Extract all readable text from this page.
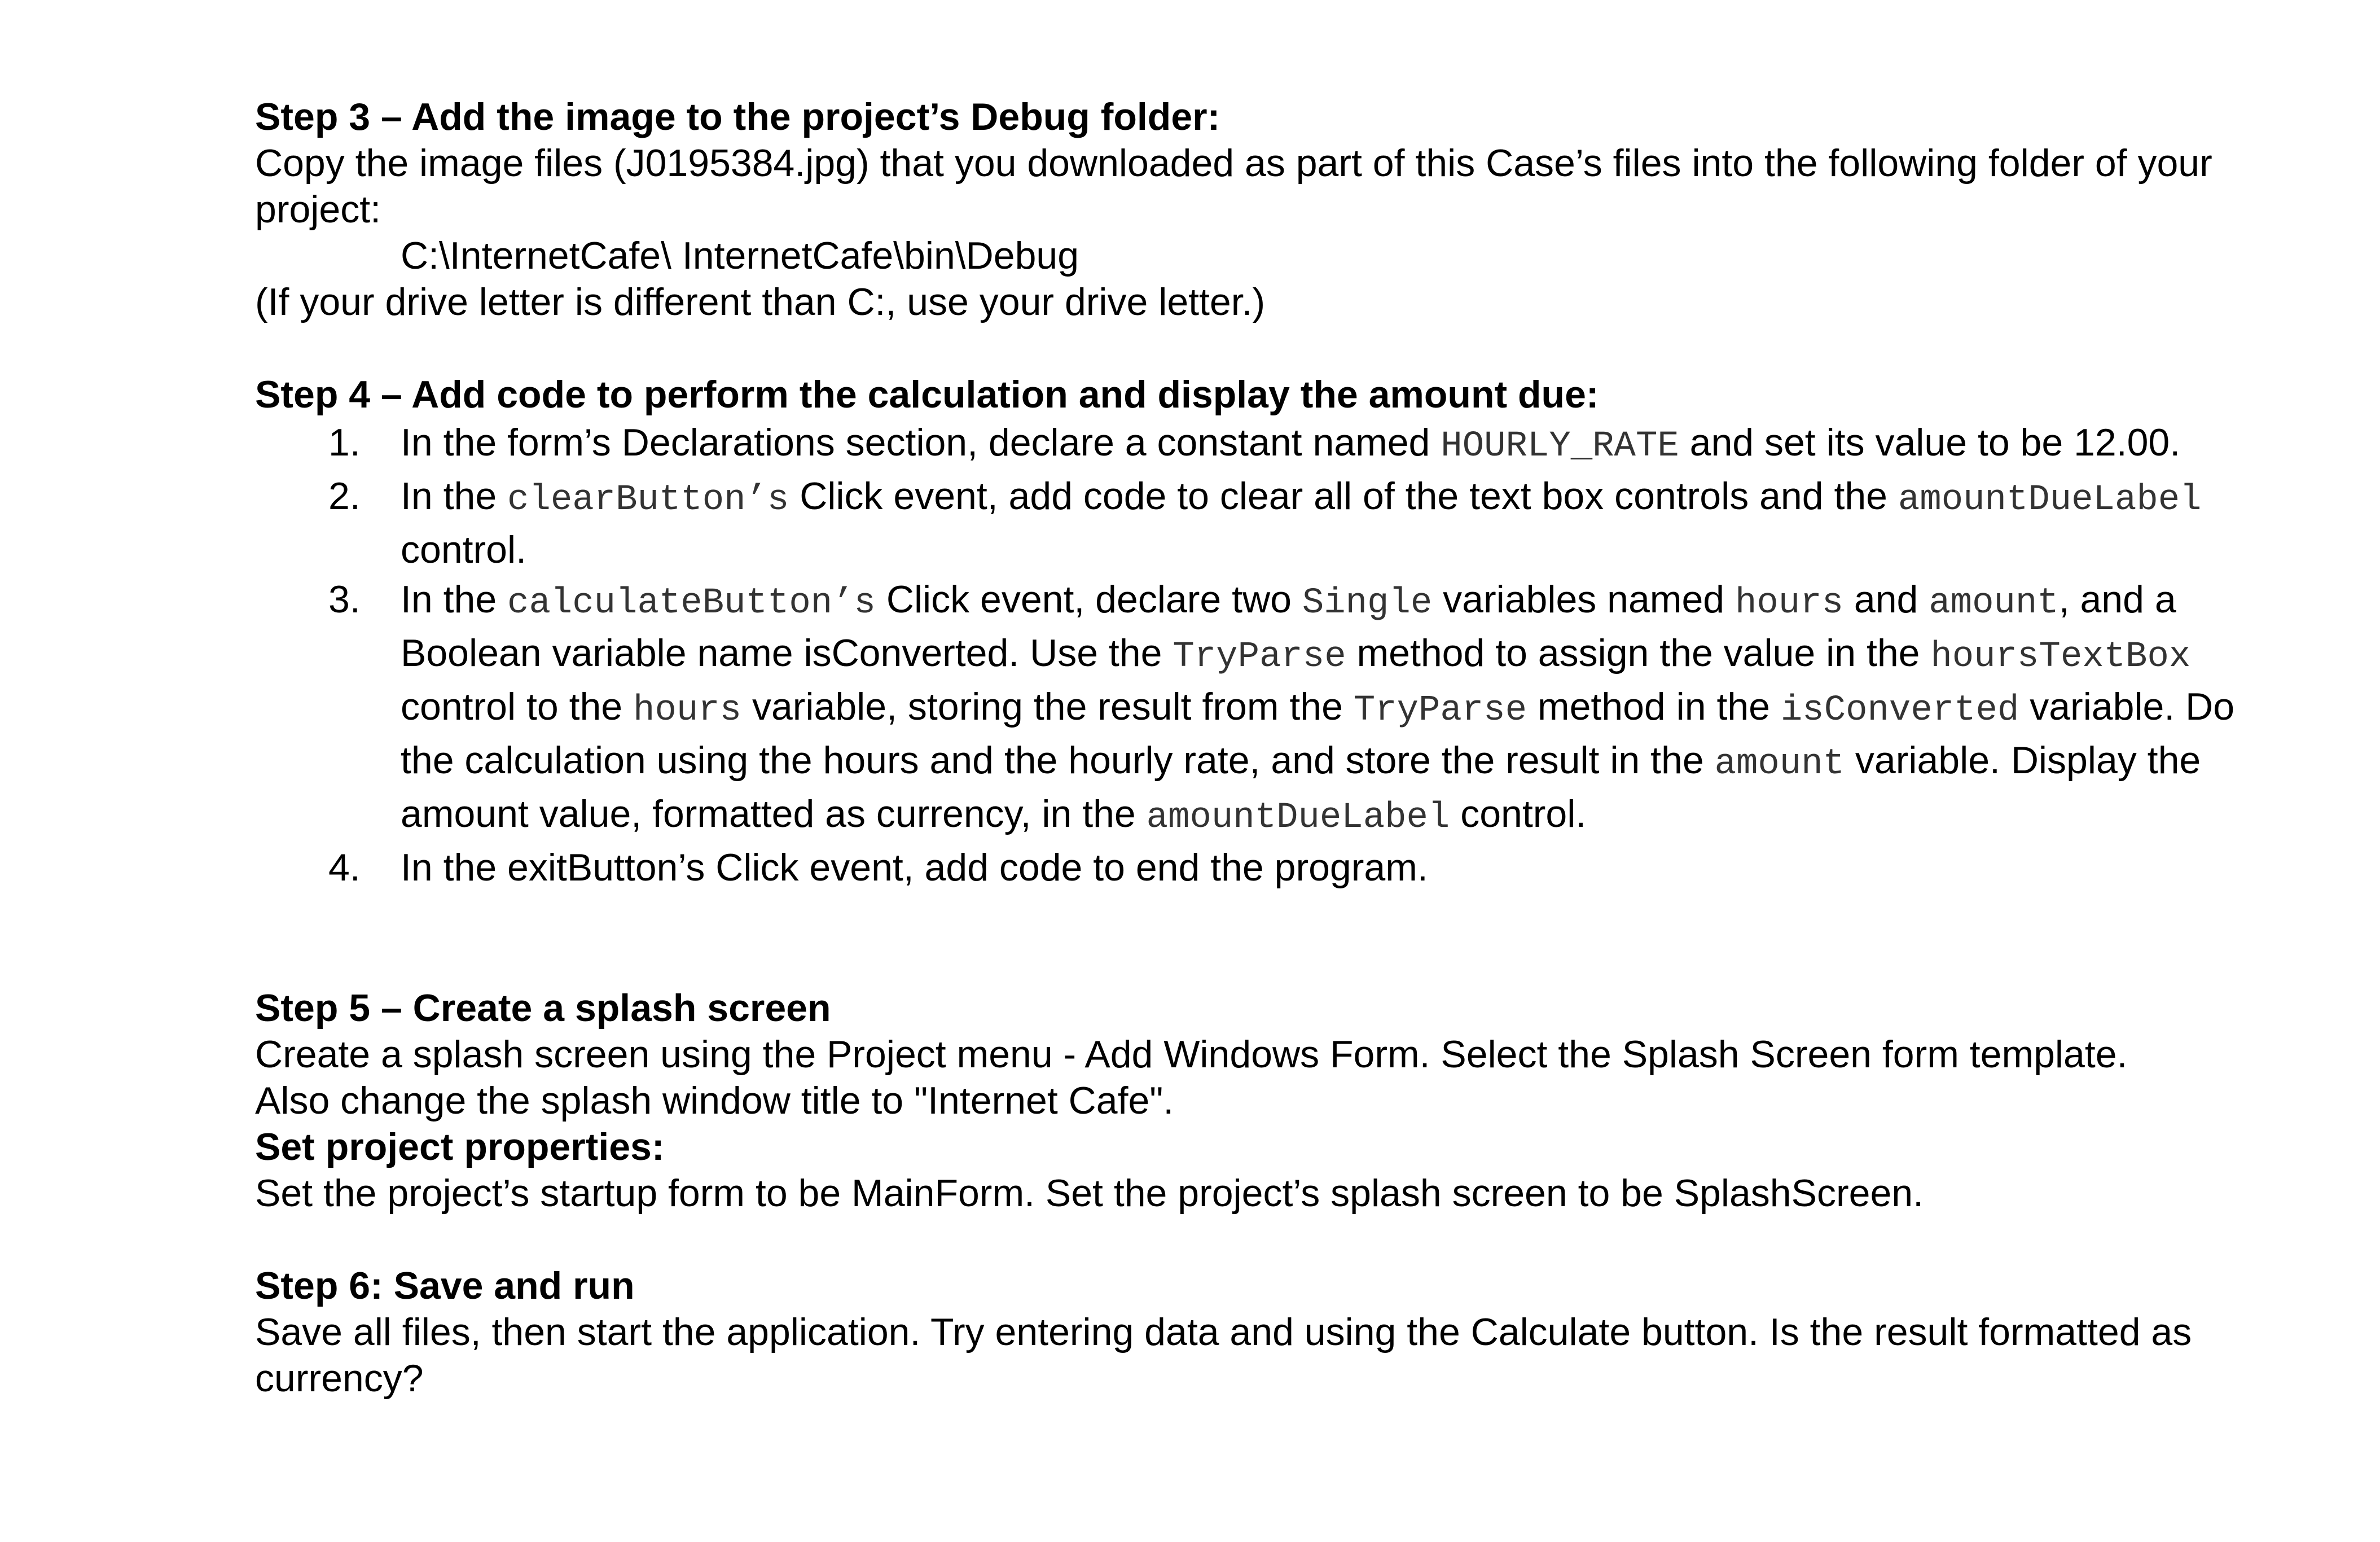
Step 3 – Add the image to the project’s Debug folder:

Copy the image files (J0195384.jpg) that you downloaded as part of this Case’s files into the following folder of your project:

C:\InternetCafe\ InternetCafe\bin\Debug

(If your drive letter is different than C:, use your drive letter.)

Step 4 – Add code to perform the calculation and display the amount due:
1. In the form’s Declarations section, declare a constant named HOURLY_RATE and set its value to be 12.00.
2. In the clearButton’s Click event, add code to clear all of the text box controls and the amountDueLabel control.
3. In the calculateButton’s Click event, declare two Single variables named hours and amount, and a Boolean variable name isConverted. Use the TryParse method to assign the value in the hoursTextBox control to the hours variable, storing the result from the TryParse method in the isConverted variable. Do the calculation using the hours and the hourly rate, and store the result in the amount variable. Display the amount value, formatted as currency, in the amountDueLabel control.
4. In the exitButton’s Click event, add code to end the program.
Step 5 – Create a splash screen

Create a splash screen using the Project menu - Add Windows Form. Select the Splash Screen form template.

Also change the splash window title to "Internet Cafe".

Set project properties:

Set the project’s startup form to be MainForm. Set the project’s splash screen to be SplashScreen.

Step 6: Save and run

Save all files, then start the application. Try entering data and using the Calculate button. Is the result formatted as currency?
